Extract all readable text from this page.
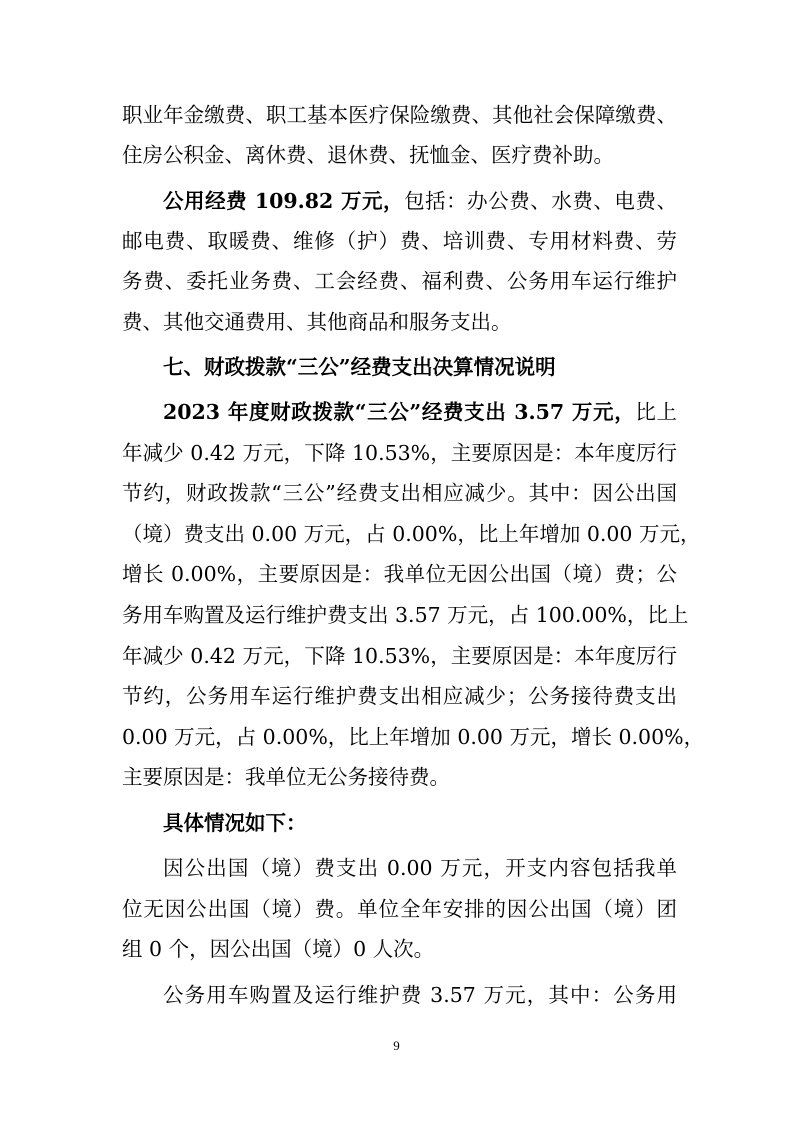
职业年金缴费、职工基本医疗保险缴费、其他社会保障缴费、
住房公积金、离休费、退休费、抚恤金、医疗费补助。
公用经费 109.82 万元，包括：办公费、水费、电费、
邮电费、取暖费、维修（护）费、培训费、专用材料费、劳
务费、委托业务费、工会经费、福利费、公务用车运行维护
费、其他交通费用、其他商品和服务支出。
七、财政拨款“三公”经费支出决算情况说明
2023 年度财政拨款“三公”经费支出 3.57 万元，比上
年减少 0.42 万元，下降 10.53%，主要原因是：本年度厉行
节约，财政拨款“三公”经费支出相应减少。其中：因公出国
（境）费支出 0.00 万元，占 0.00%，比上年增加 0.00 万元，
增长 0.00%，主要原因是：我单位无因公出国（境）费；公
务用车购置及运行维护费支出 3.57 万元，占 100.00%，比上
年减少 0.42 万元，下降 10.53%，主要原因是：本年度厉行
节约，公务用车运行维护费支出相应减少；公务接待费支出
0.00 万元，占 0.00%，比上年增加 0.00 万元，增长 0.00%，
主要原因是：我单位无公务接待费。
具体情况如下：
因公出国（境）费支出 0.00 万元，开支内容包括我单
位无因公出国（境）费。单位全年安排的因公出国（境）团
组 0 个，因公出国（境）0 人次。
公务用车购置及运行维护费 3.57 万元，其中：公务用
9
